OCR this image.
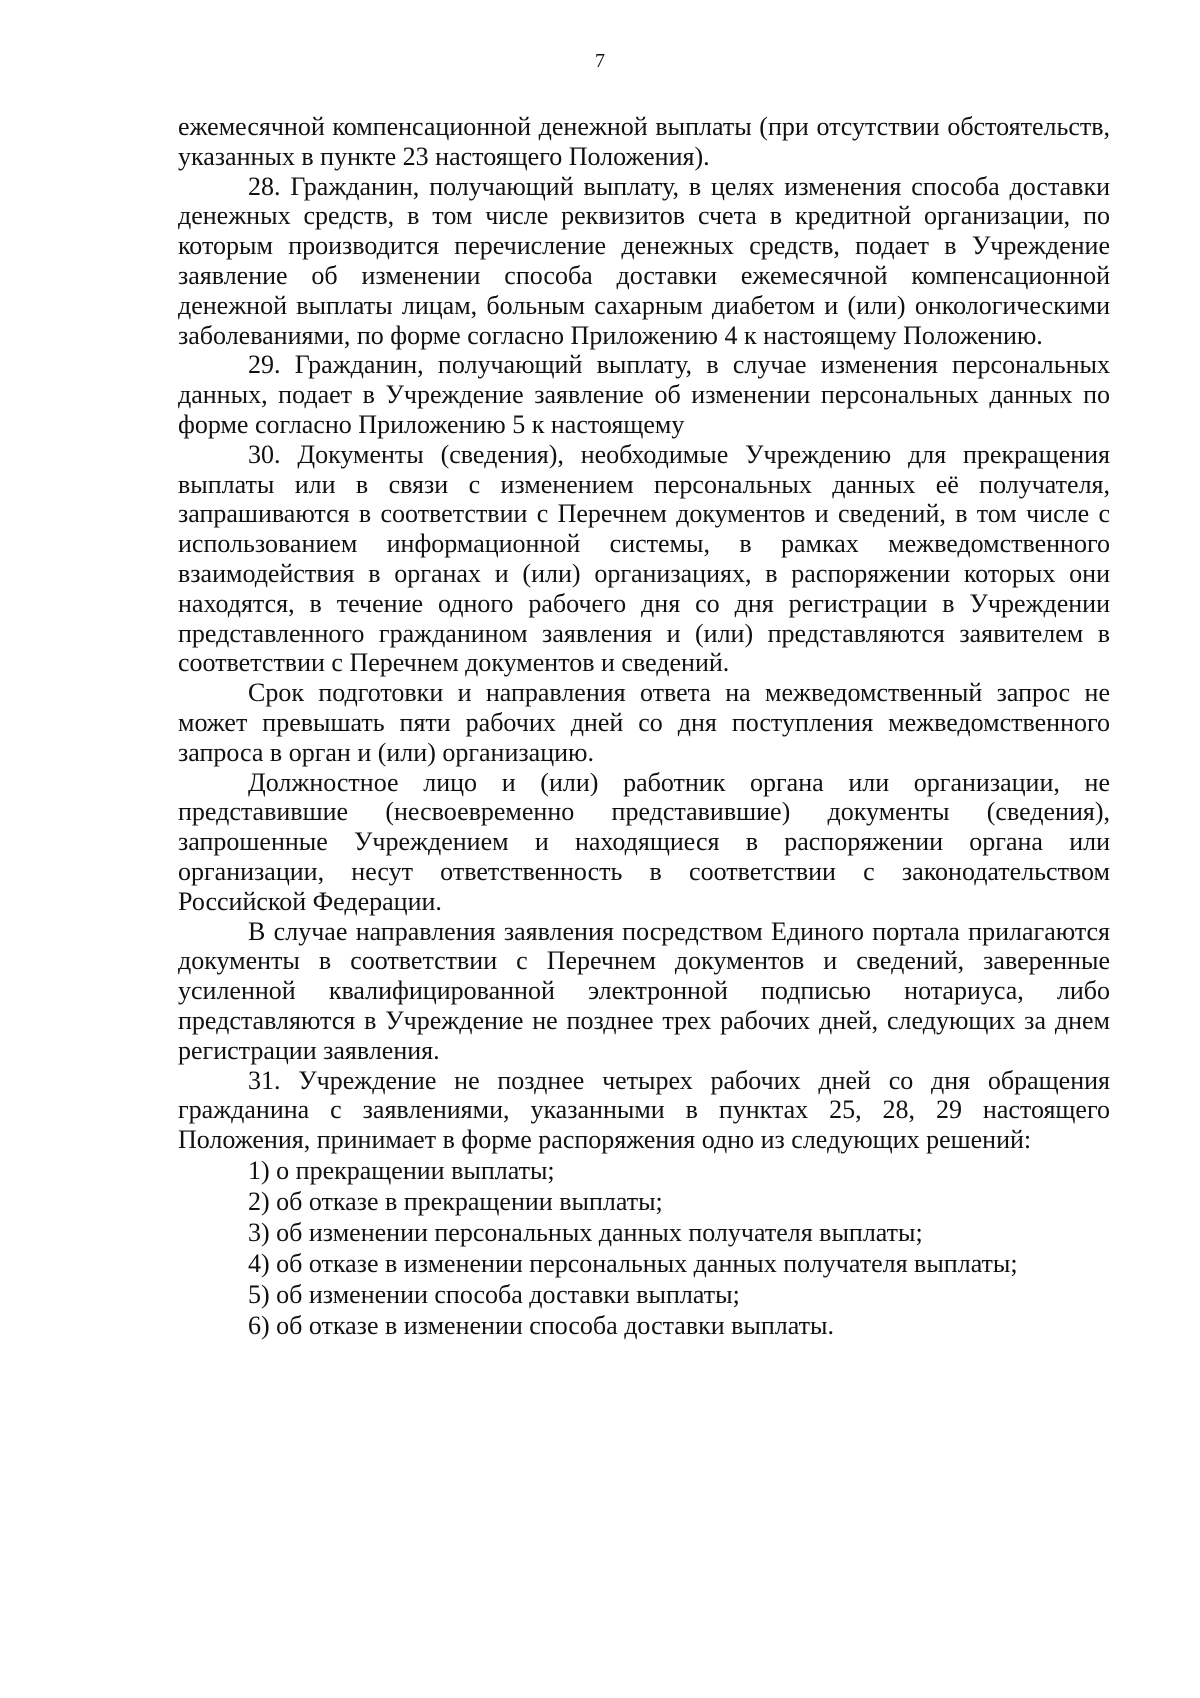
7

ежемесячной компенсационной денежной выплаты (при отсутствии обстоятельств, указанных в пункте 23 настоящего Положения).

28. Гражданин, получающий выплату, в целях изменения способа доставки денежных средств, в том числе реквизитов счета в кредитной организации, по которым производится перечисление денежных средств, подает в Учреждение заявление об изменении способа доставки ежемесячной компенсационной денежной выплаты лицам, больным сахарным диабетом и (или) онкологическими заболеваниями, по форме согласно Приложению 4 к настоящему Положению.

29. Гражданин, получающий выплату, в случае изменения персональных данных, подает в Учреждение заявление об изменении персональных данных по форме согласно Приложению 5 к настоящему

30. Документы (сведения), необходимые Учреждению для прекращения выплаты или в связи с изменением персональных данных её получателя, запрашиваются в соответствии с Перечнем документов и сведений, в том числе с использованием информационной системы, в рамках межведомственного взаимодействия в органах и (или) организациях, в распоряжении которых они находятся, в течение одного рабочего дня со дня регистрации в Учреждении представленного гражданином заявления и (или) представляются заявителем в соответствии с Перечнем документов и сведений.

Срок подготовки и направления ответа на межведомственный запрос не может превышать пяти рабочих дней со дня поступления межведомственного запроса в орган и (или) организацию.

Должностное лицо и (или) работник органа или организации, не представившие (несвоевременно представившие) документы (сведения), запрошенные Учреждением и находящиеся в распоряжении органа или организации, несут ответственность в соответствии с законодательством Российской Федерации.

В случае направления заявления посредством Единого портала прилагаются документы в соответствии с Перечнем документов и сведений, заверенные усиленной квалифицированной электронной подписью нотариуса, либо представляются в Учреждение не позднее трех рабочих дней, следующих за днем регистрации заявления.

31. Учреждение не позднее четырех рабочих дней со дня обращения гражданина с заявлениями, указанными в пунктах 25, 28, 29 настоящего Положения, принимает в форме распоряжения одно из следующих решений:

1) о прекращении выплаты;

2) об отказе в прекращении выплаты;

3) об изменении персональных данных получателя выплаты;

4) об отказе в изменении персональных данных получателя выплаты;

5) об изменении способа доставки выплаты;

6) об отказе в изменении способа доставки выплаты.
